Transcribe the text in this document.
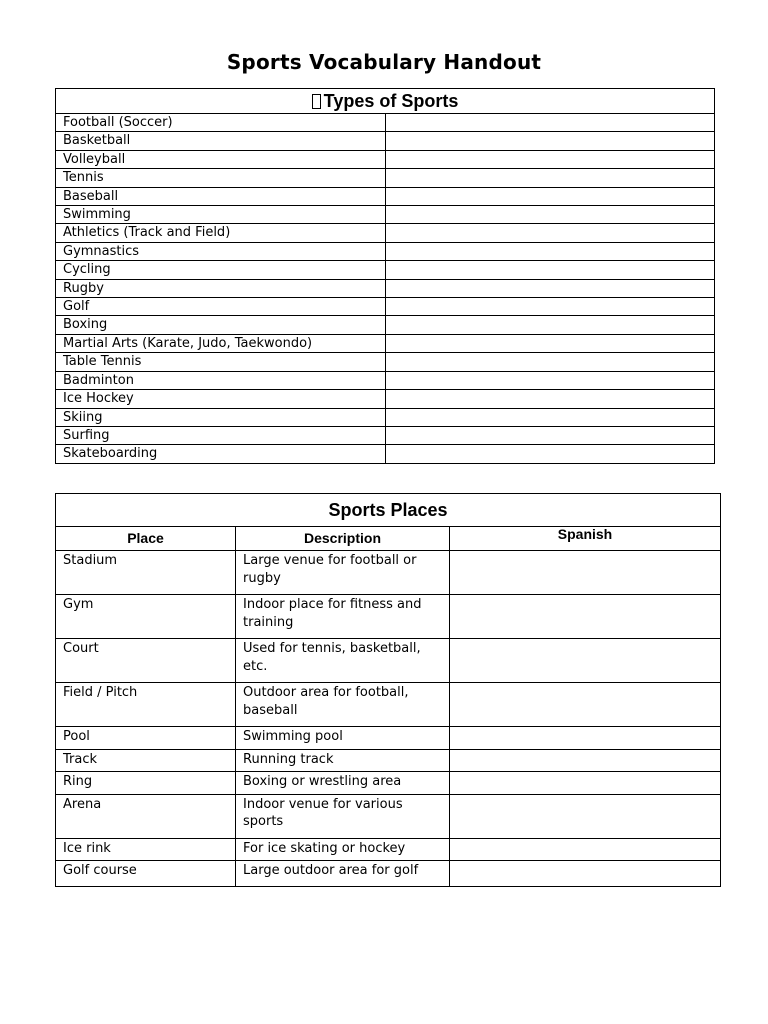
Sports Vocabulary Handout
Types of Sports	
Football (Soccer)	
Basketball	
Volleyball	
Tennis	
Baseball	
Swimming	
Athletics (Track and Field)	
Gymnastics	
Cycling	
Rugby	
Golf	
Boxing	
Martial Arts (Karate, Judo, Taekwondo)	
Table Tennis	
Badminton	
Ice Hockey	
Skiing	
Surfing	
Skateboarding	
Sports Places		
Place	Description	Spanish
Stadium	Large venue for football or rugby	
Gym	Indoor place for fitness and training	
Court	Used for tennis, basketball, etc.	
Field / Pitch	Outdoor area for football, baseball	
Pool	Swimming pool	
Track	Running track	
Ring	Boxing or wrestling area	
Arena	Indoor venue for various sports	
Ice rink	For ice skating or hockey	
Golf course	Large outdoor area for golf	
